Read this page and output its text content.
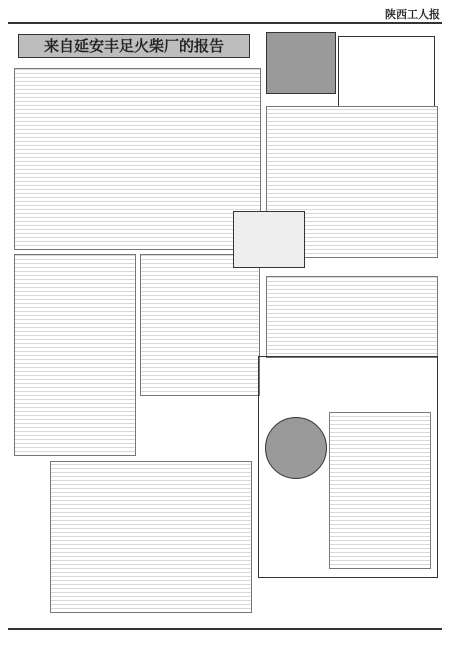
陕西工人报
来自延安丰足火柴厂的报告
